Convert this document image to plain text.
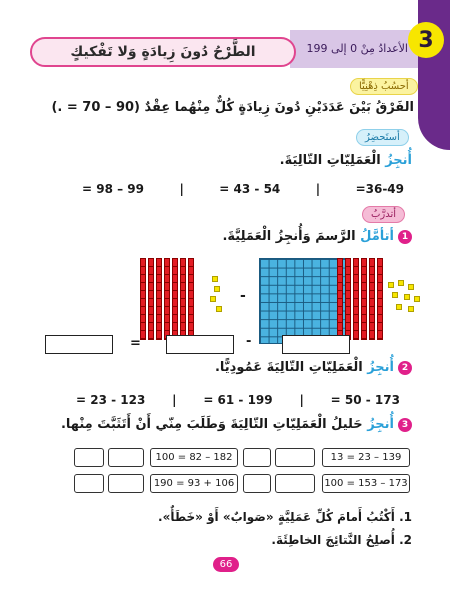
3
الأعدادُ مِنْ 0 إلى 199
الطَّرْحُ دُونَ زِيادَةٍ وَلا تَفْكيكٍ
أحسُبُ ذِهْنِيًّا
الفَرْقُ بَيْنَ عَدَدَيْنِ دُونَ زِيادَةٍ كُلٌّ مِنْهُما عِقْدٌ (90 – 70 = .)
أستَحضِرُ
أُنجِزُ الْعَمَلِيّاتِ التّالِيَةَ.
= 98 – 99	|	= 43 - 54	|	=36-49
أتدرَّبُ
1أتأمَّلُ الرَّسمَ وَأُنجِزُ الْعَمَلِيَّةَ.
-
=	-
2أُنجِزُ الْعَمَلِيّاتِ التّالِيَةَ عَمُودِيًّا.
= 23 - 123 | = 61 - 199 | = 50 - 173
3أُنجِزُ حَليلُ الْعَمَلِيّاتِ التّالِيَةَ وَطَلَبَ مِنّي أَنْ أَتَثَبَّتَ مِنْها.
100 = 82 – 182	13 = 23 – 139
190 = 93 + 106	100 = 153 – 173
1. أَكْتُبُ أَمامَ كُلِّ عَمَلِيَّةٍ «صَوابٌ» أَوْ «خَطَأٌ».
2. أُصلِحُ النَّتائِجَ الخاطِئَةَ.
66
